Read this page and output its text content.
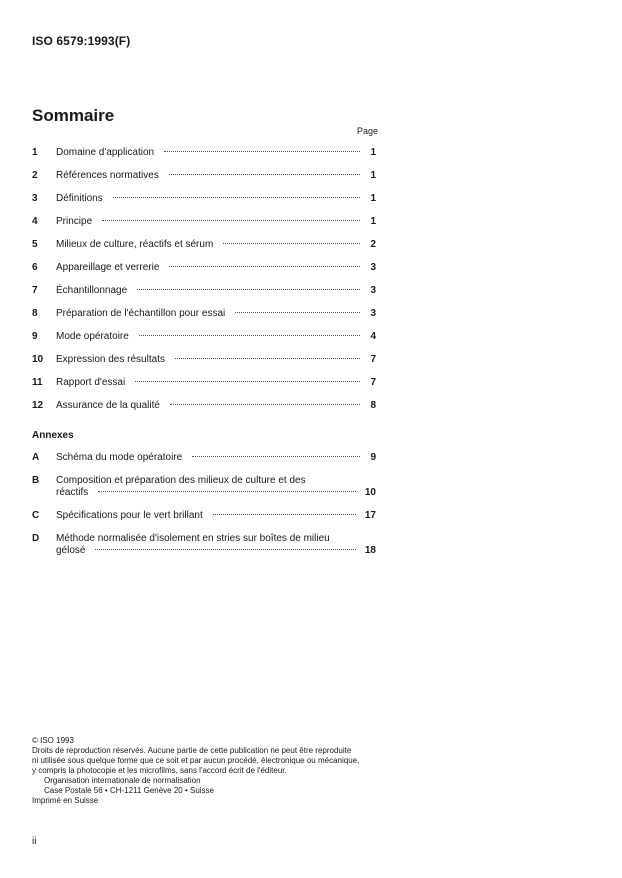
ISO 6579:1993(F)
Sommaire
Page
1	Domaine d'application	1
2	Références normatives	1
3	Définitions	1
4	Principe	1
5	Milieux de culture, réactifs et sérum	2
6	Appareillage et verrerie	3
7	Échantillonnage	3
8	Préparation de l'échantillon pour essai	3
9	Mode opératoire	4
10	Expression des résultats	7
11	Rapport d'essai	7
12	Assurance de la qualité	8
Annexes
A	Schéma du mode opératoire	9
B	Composition et préparation des milieux de culture et des
réactifs	10
C	Spécifications pour le vert brillant	17
D	Méthode normalisée d'isolement en stries sur boîtes de milieu
gélosé	18
© ISO 1993
Droits de reproduction réservés. Aucune partie de cette publication ne peut être reproduite
ni utilisée sous quelque forme que ce soit et par aucun procédé, électronique ou mécanique,
y compris la photocopie et les microfilms, sans l'accord écrit de l'éditeur.
Organisation internationale de normalisation
Case Postale 56 • CH-1211 Genève 20 • Suisse
Imprimé en Suisse
ii
